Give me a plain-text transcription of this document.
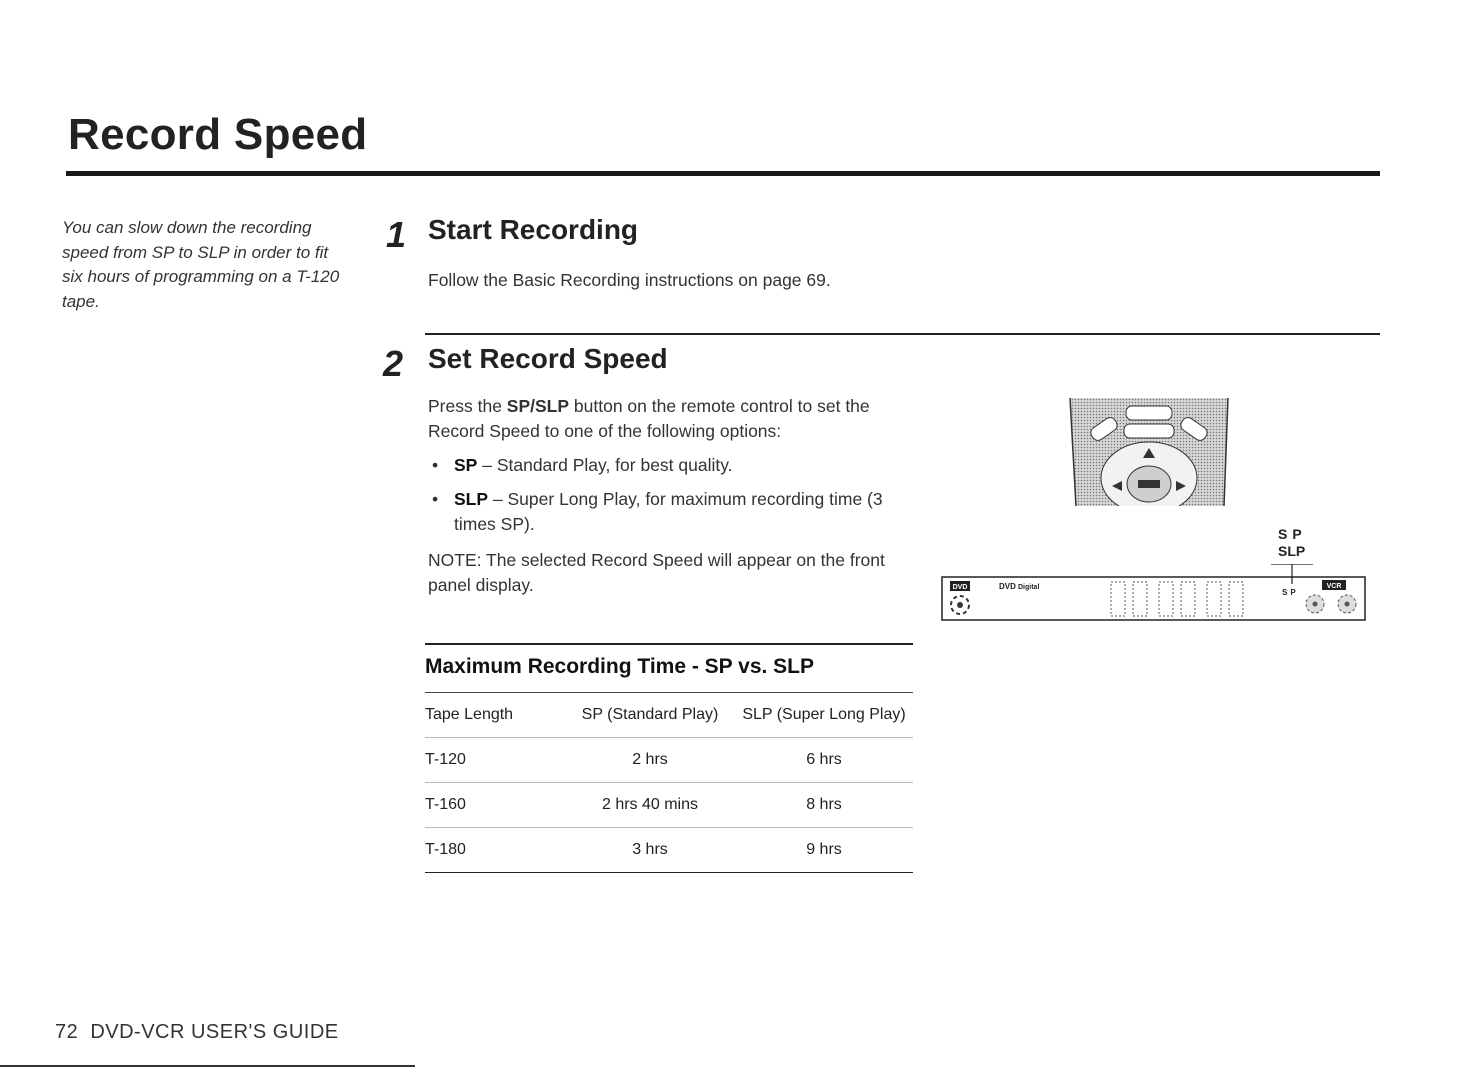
Record Speed
You can slow down the recording speed from SP to SLP in order to fit six hours of programming on a T-120 tape.
1 Start Recording
Follow the Basic Recording instructions on page 69.
2 Set Record Speed

Press the SP/SLP button on the remote control to set the Record Speed to one of the following options:

• SP – Standard Play, for best quality.

• SLP – Super Long Play, for maximum recording time (3 times SP).

NOTE: The selected Record Speed will appear on the front panel display.

SP
SLP
DVD	DVD Digital
SP
VCR
Maximum Recording Time - SP vs. SLP
Tape Length	SP (Standard Play)	SLP (Super Long Play)
T-120	2 hrs	6 hrs
T-160	2 hrs 40 mins	8 hrs
T-180	3 hrs	9 hrs
72 DVD-VCR USER'S GUIDE
